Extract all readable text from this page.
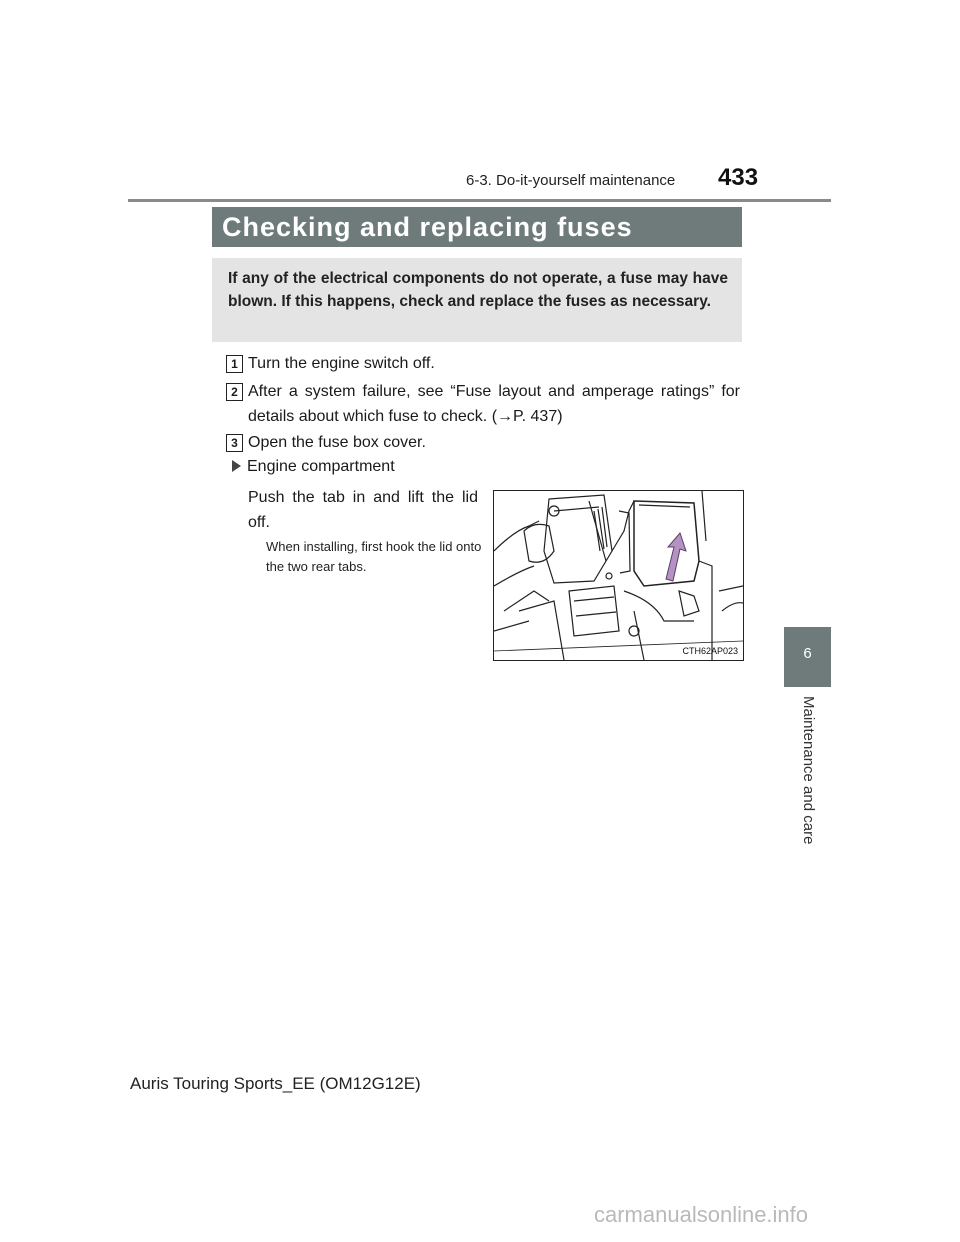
6-3. Do-it-yourself maintenance 433
Checking and replacing fuses
If any of the electrical components do not operate, a fuse may have blown. If this happens, check and replace the fuses as necessary.
1 Turn the engine switch off.
2 After a system failure, see “Fuse layout and amperage ratings” for details about which fuse to check. (→P. 437)
3 Open the fuse box cover.
Engine compartment
Push the tab in and lift the lid off.
When installing, first hook the lid onto the two rear tabs.
CTH62AP023	6
Maintenance and care
Auris Touring Sports_EE (OM12G12E)
carmanualsonline.info
